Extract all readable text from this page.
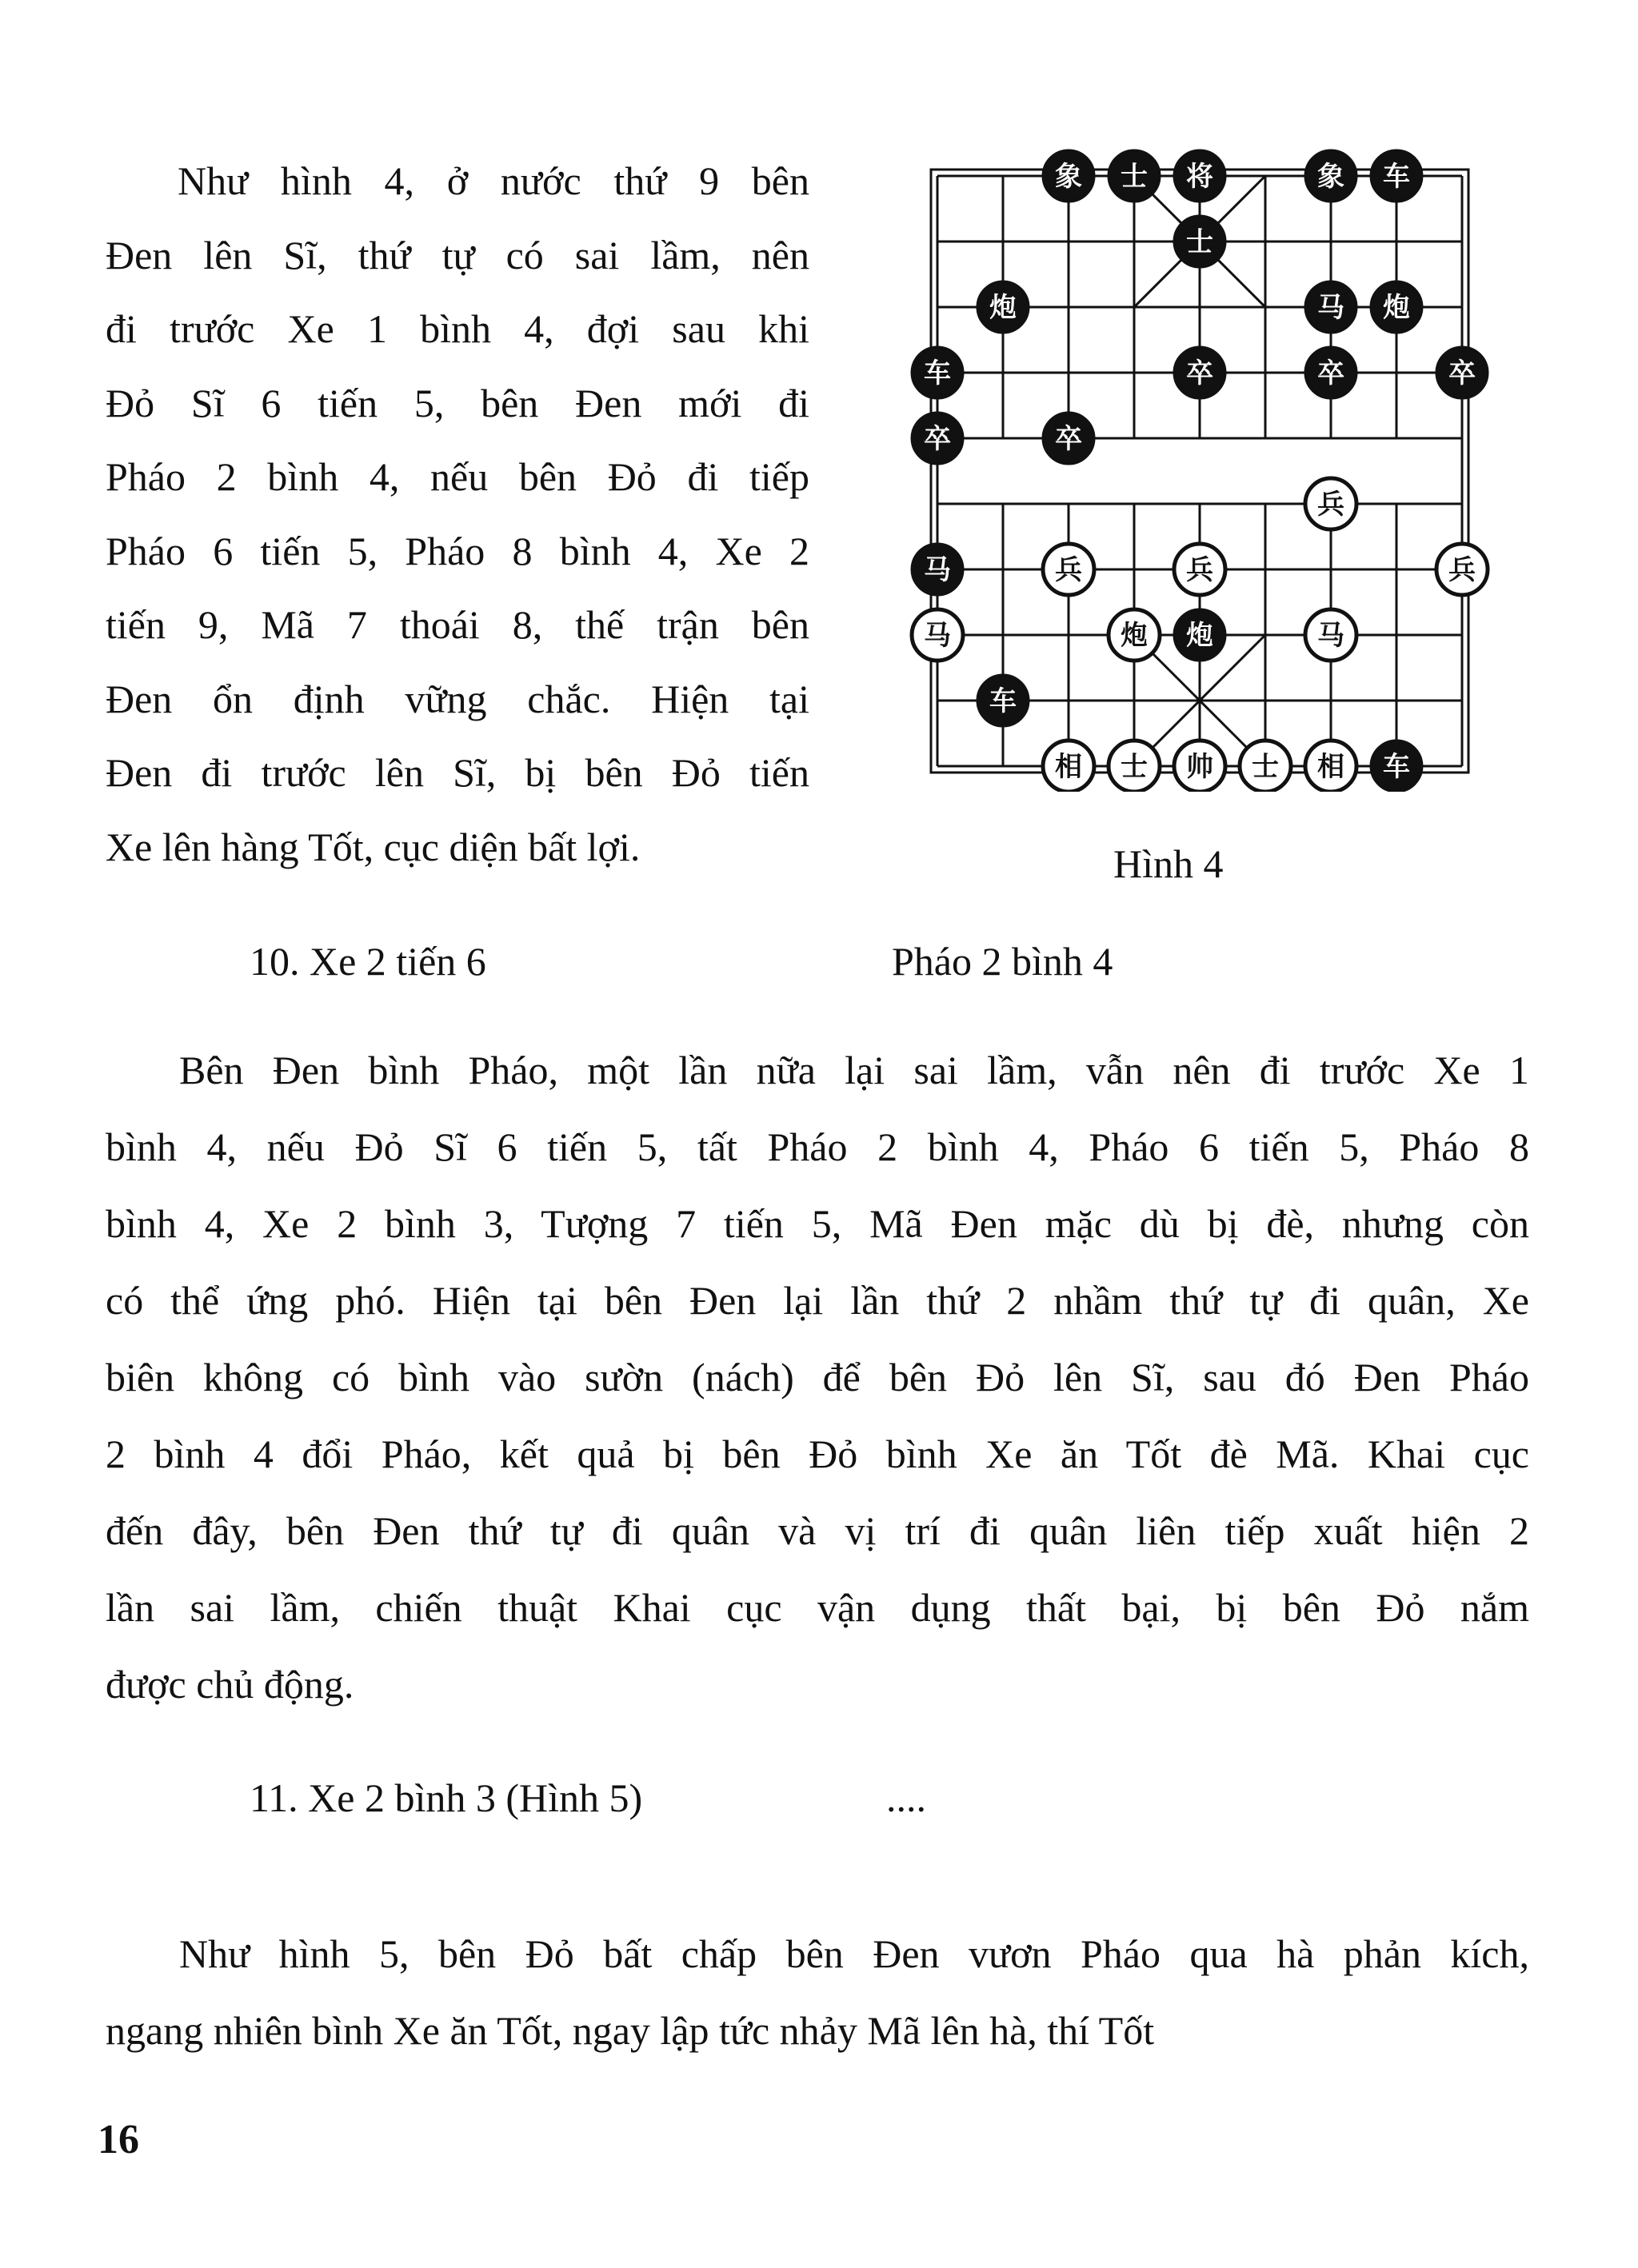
Như hình 4, ở nước thứ 9 bên
Đen lên Sĩ, thứ tự có sai lầm, nên
đi trước Xe 1 bình 4, đợi sau khi
Đỏ Sĩ 6 tiến 5, bên Đen mới đi
Pháo 2 bình 4, nếu bên Đỏ đi tiếp
Pháo 6 tiến 5, Pháo 8 bình 4, Xe 2
tiến 9, Mã 7 thoái 8, thế trận bên
Đen ổn định vững chắc. Hiện tại
Đen đi trước lên Sĩ, bị bên Đỏ tiến
Xe lên hàng Tốt, cục diện bất lợi.
象 士 将	象 车
士
炮	马 炮
车	卒	卒	卒
卒	卒
兵
马	兵	兵	兵
马	炮 炮	马
车
相 士 帅 士 相 车
Hình 4
10. Xe 2 tiến 6	Pháo 2 bình 4
Bên Đen bình Pháo, một lần nữa lại sai lầm, vẫn nên đi trước Xe 1
bình 4, nếu Đỏ Sĩ 6 tiến 5, tất Pháo 2 bình 4, Pháo 6 tiến 5, Pháo 8
bình 4, Xe 2 bình 3, Tượng 7 tiến 5, Mã Đen mặc dù bị đè, nhưng còn
có thể ứng phó. Hiện tại bên Đen lại lần thứ 2 nhầm thứ tự đi quân, Xe
biên không có bình vào sườn (nách) để bên Đỏ lên Sĩ, sau đó Đen Pháo
2 bình 4 đổi Pháo, kết quả bị bên Đỏ bình Xe ăn Tốt đè Mã. Khai cục
đến đây, bên Đen thứ tự đi quân và vị trí đi quân liên tiếp xuất hiện 2
lần sai lầm, chiến thuật Khai cục vận dụng thất bại, bị bên Đỏ nắm
được chủ động.
11. Xe 2 bình 3 (Hình 5)	....
Như hình 5, bên Đỏ bất chấp bên Đen vươn Pháo qua hà phản kích,
ngang nhiên bình Xe ăn Tốt, ngay lập tức nhảy Mã lên hà, thí Tốt
16
